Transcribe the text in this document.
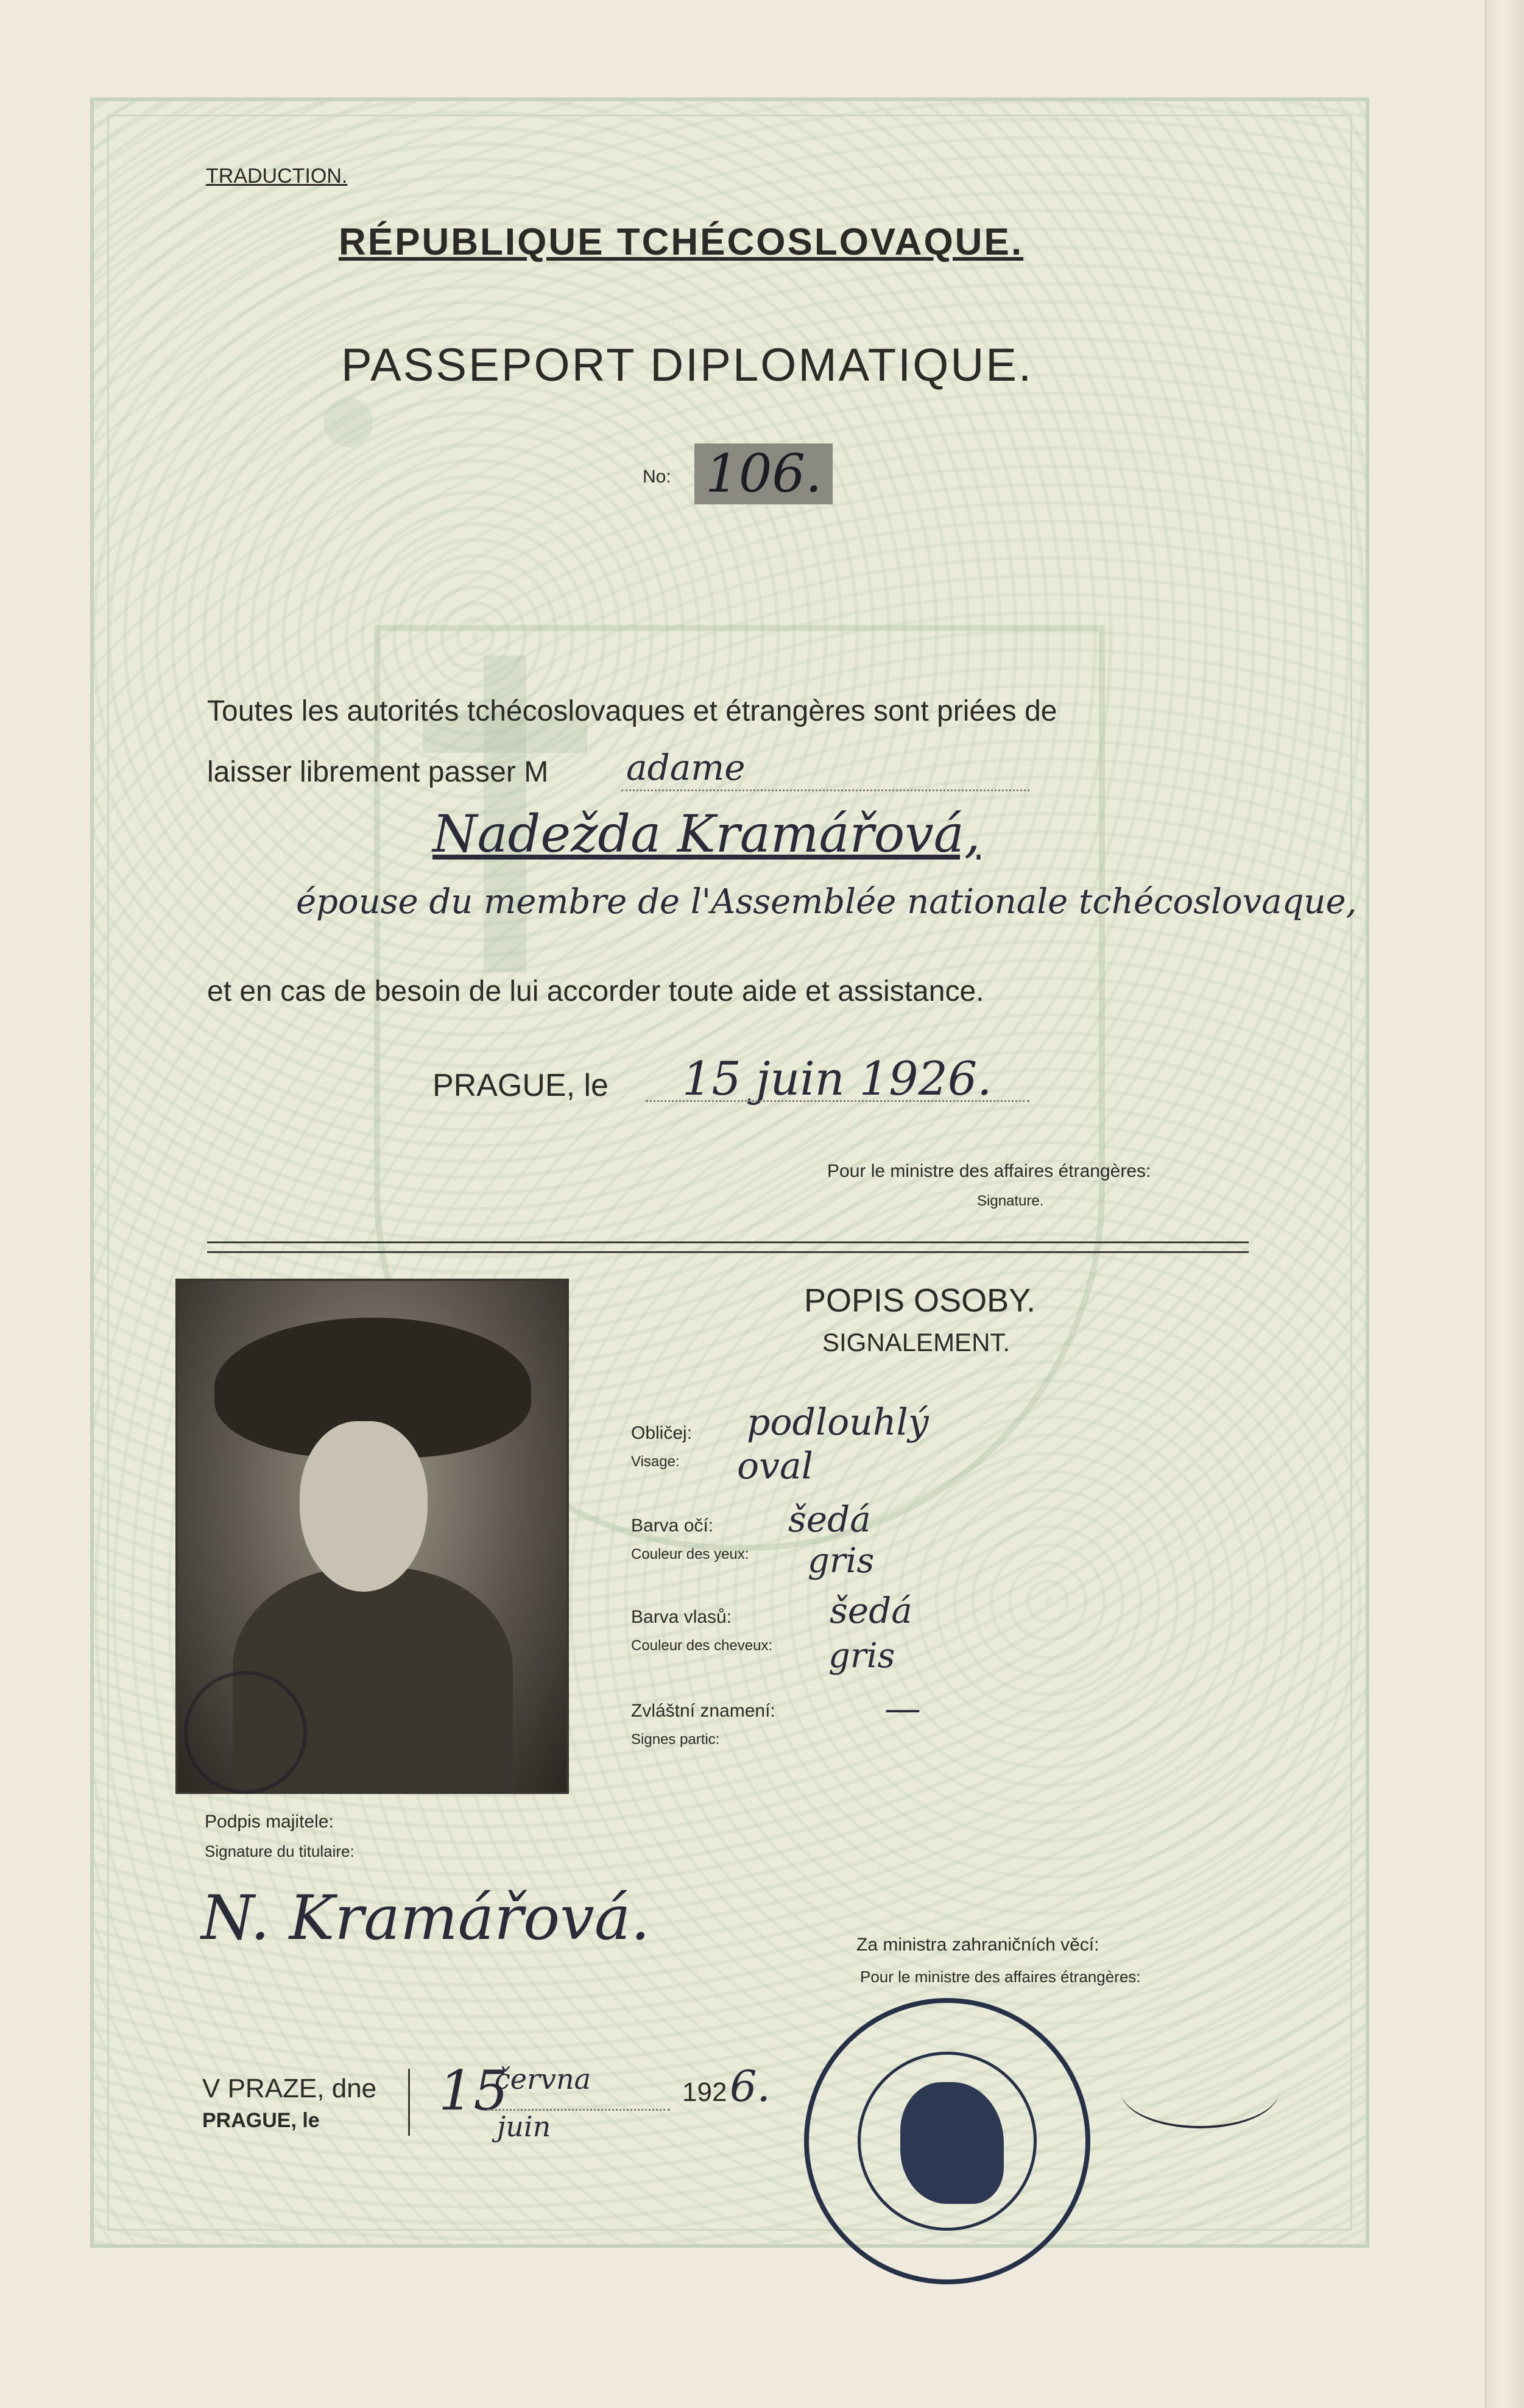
TRADUCTION.
RÉPUBLIQUE TCHÉCOSLOVAQUE.
PASSEPORT DIPLOMATIQUE.
No: 106.
Toutes les autorités tchécoslovaques et étrangères sont priées de
laisser librement passer M adame
Nadežda Kramářová,
épouse du membre de l'Assemblée nationale tchécoslovaque,
et en cas de besoin de lui accorder toute aide et assistance.
PRAGUE, le 15 juin 1926.
Pour le ministre des affaires étrangères:
Signature.
POPIS OSOBY.
SIGNALEMENT.
Obličej:
Visage:
podlouhlý
oval
Barva očí:
Couleur des yeux:
šedá
gris
Barva vlasů:
Couleur des cheveux:
šedá
gris
Zvláštní znamení:
Signes partic:
—
Podpis majitele:
Signature du titulaire:
N. Kramářová.	Za ministra zahraničních věcí:
Pour le ministre des affaires étrangères:
V PRAZE, dne
PRAGUE, le 15
června
juin
192 6.
